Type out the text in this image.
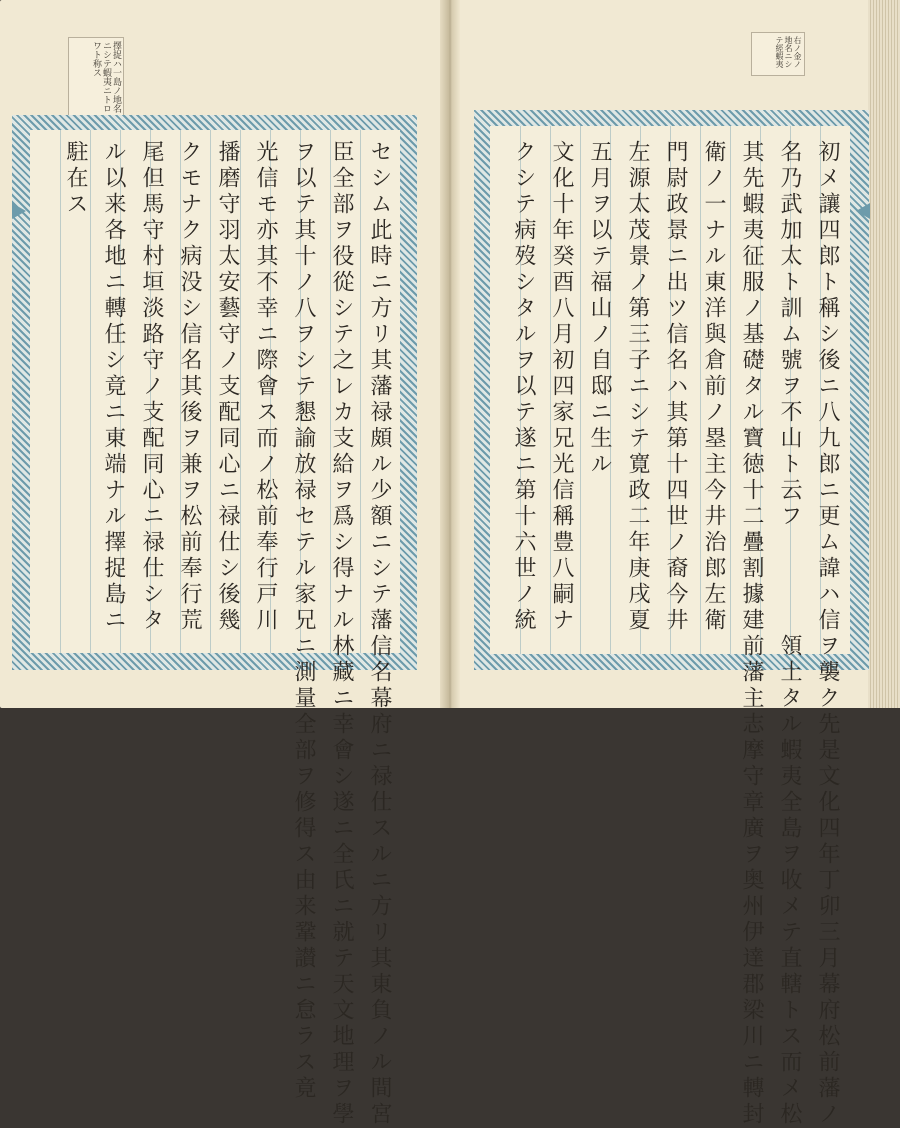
擇捉ハ一島ノ地名ニシテ蝦夷ニトロワト称ス	右ノ金ノ地名ニシテ經蝦夷
セシム此時ニ方リ其藩禄頗ル少額ニシテ藩
臣全部ヲ役從シテ之レカ支給ヲ爲シ得ナル
ヲ以テ其十ノ八ヲシテ懇諭放禄セテル家兄
光信モ亦其不幸ニ際會ス而ノ松前奉行戸川
播磨守羽太安藝守ノ支配同心ニ禄仕シ後幾
クモナク病没シ信名其後ヲ兼ヲ松前奉行荒
尾但馬守村垣淡路守ノ支配同心ニ禄仕シタ
ル以来各地ニ轉任シ竟ニ東端ナル擇捉島ニ
駐在ス
信名幕府ニ禄仕スルニ方リ其東負ノル間宮
林藏ニ幸會シ遂ニ全氏ニ就テ天文地理ヲ學
ニ測量全部ヲ修得ス由来鞏讃ニ怠ラス竟
初メ讓四郎ト稱シ後ニ八九郎ニ更ム諱ハ信
名乃武加太ト訓ム號ヲ不山ト云フ
其先蝦夷征服ノ基礎タル寶徳十二疊割據建
衛ノ一ナル東洋與倉前ノ塁主今井治郎左衛
門尉政景ニ出ツ信名ハ其第十四世ノ裔今井
左源太茂景ノ第三子ニシテ寛政二年庚戌夏
五月ヲ以テ福山ノ自邸ニ生ル
文化十年癸酉八月初四家兄光信稱豊八嗣ナ
クシテ病歿シタルヲ以テ遂ニ第十六世ノ統
ヲ襲ク先是文化四年丁卯三月幕府松前藩ノ
領土タル蝦夷全島ヲ收メテ直轄トス而メ松
前藩主志摩守章廣ヲ奥州伊達郡梁川ニ轉封
